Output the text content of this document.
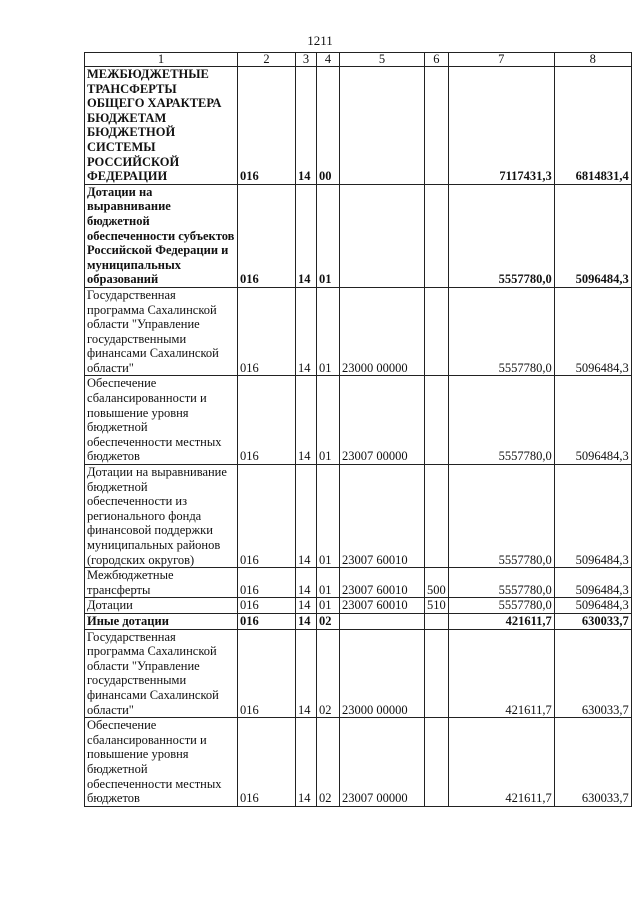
1211
1	2	3	4	5	6	7	8
МЕЖБЮДЖЕТНЫЕ ТРАНСФЕРТЫ ОБЩЕГО ХАРАКТЕРА БЮДЖЕТАМ БЮДЖЕТНОЙ СИСТЕМЫ РОССИЙСКОЙ ФЕДЕРАЦИИ	016	14	00			7117431,3	6814831,4
Дотации на выравнивание бюджетной обеспеченности субъектов Российской Федерации и муниципальных образований	016	14	01			5557780,0	5096484,3
Государственная программа Сахалинской области "Управление государственными финансами Сахалинской области"	016	14	01	23000 00000		5557780,0	5096484,3
Обеспечение сбалансированности и повышение уровня бюджетной обеспеченности местных бюджетов	016	14	01	23007 00000		5557780,0	5096484,3
Дотации на выравнивание бюджетной обеспеченности из регионального фонда финансовой поддержки муниципальных районов (городских округов)	016	14	01	23007 60010		5557780,0	5096484,3
Межбюджетные трансферты	016	14	01	23007 60010	500	5557780,0	5096484,3
Дотации	016	14	01	23007 60010	510	5557780,0	5096484,3
Иные дотации	016	14	02			421611,7	630033,7
Государственная программа Сахалинской области "Управление государственными финансами Сахалинской области"	016	14	02	23000 00000		421611,7	630033,7
Обеспечение сбалансированности и повышение уровня бюджетной обеспеченности местных бюджетов	016	14	02	23007 00000		421611,7	630033,7
